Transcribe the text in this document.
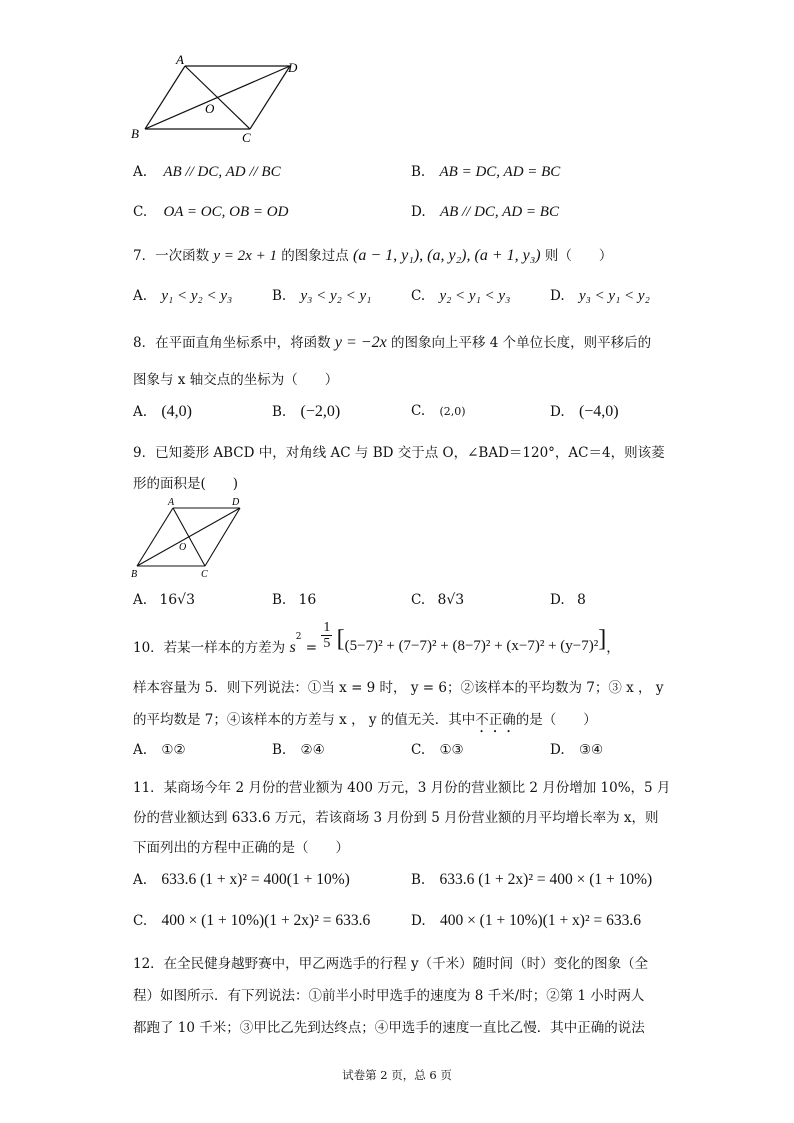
A
D
B	C
O
A. AB // DC, AD // BC	B. AB = DC, AD = BC
C. OA = OC, OB = OD	D. AB // DC, AD = BC
7．一次函数 y = 2x + 1 的图象过点 (a − 1, y₁), (a, y₂), (a + 1, y₃) 则（　　）
A. y₁ < y₂ < y₃	B. y₃ < y₂ < y₁	C. y₂ < y₁ < y₃	D. y₃ < y₁ < y₂
8．在平面直角坐标系中，将函数 y = −2x 的图象向上平移 4 个单位长度，则平移后的
图象与 x 轴交点的坐标为（　　）
A. (4,0)	B. (−2,0)	C. (2,0)	D. (−4,0)
9．已知菱形 ABCD 中，对角线 AC 与 BD 交于点 O，∠BAD＝120°，AC＝4，则该菱
形的面积是(　　)
A	D
B	C
O
A. 16√3	B. 16	C. 8√3	D. 8
10．若某一样本的方差为 $s^2 = \frac{1}{5} [(5-7)^2 + (7-7)^2 + (8-7)^2 + (x-7)^2 + (y-7)^2]$，
样本容量为 5．则下列说法：①当 x = 9 时， y = 6；②该样本的平均数为 7；③ x ， y
的平均数是 7；④该样本的方差与 x ， y 的值无关．其中不正确的是（　　）
A. ①②	B. ②④	C. ①③	D. ③④
11．某商场今年 2 月份的营业额为 400 万元，3 月份的营业额比 2 月份增加 10%，5 月
份的营业额达到 633.6 万元，若该商场 3 月份到 5 月份营业额的月平均增长率为 x，则
下面列出的方程中正确的是（　　）
A. 633.6 (1 + x)² = 400(1 + 10%)	B. 633.6 (1 + 2x)² = 400 × (1 + 10%)
C. 400 × (1 + 10%)(1 + 2x)² = 633.6	D. 400 × (1 + 10%)(1 + x)² = 633.6
12．在全民健身越野赛中，甲乙两选手的行程 y（千米）随时间（时）变化的图象（全
程）如图所示．有下列说法：①前半小时甲选手的速度为 8 千米/时；②第 1 小时两人
都跑了 10 千米；③甲比乙先到达终点；④甲选手的速度一直比乙慢．其中正确的说法
试卷第 2 页，总 6 页
